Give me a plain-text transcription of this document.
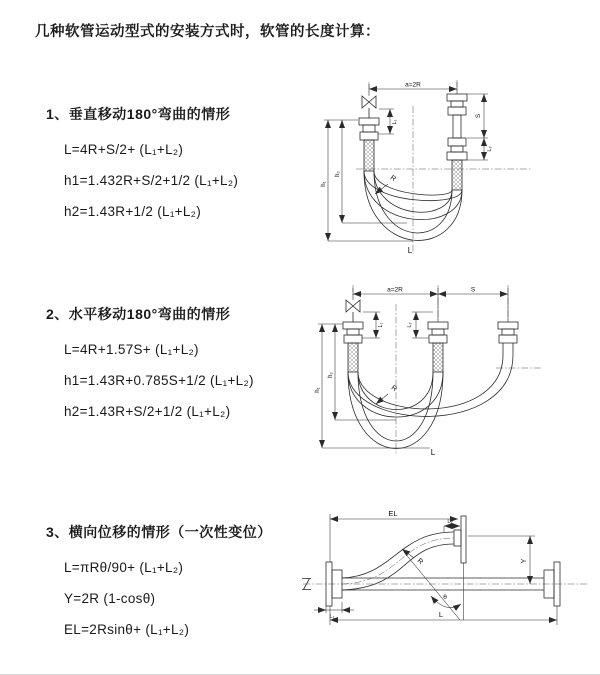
几种软管运动型式的安装方式时，软管的长度计算：
1、垂直移动180°弯曲的情形
L=4R+S/2+ (L₁+L₂)
h1=1.432R+S/2+1/2 (L₁+L₂)
h2=1.43R+1/2 (L₁+L₂)
2、水平移动180°弯曲的情形
L=4R+1.57S+ (L₁+L₂)
h1=1.43R+0.785S+1/2 (L₁+L₂)
h2=1.43R+S/2+1/2 (L₁+L₂)
3、横向位移的情形（一次性变位）
L=πRθ/90+ (L₁+L₂)
Y=2R (1-cosθ)
EL=2Rsinθ+ (L₁+L₂)
a=2R
S
L₂
h₁
h₂
L₁
R
L
a=2R	S
h₁
h₂
L₁	L₂
R
L
θ
R
EL
L₂
Y
L
L₁
